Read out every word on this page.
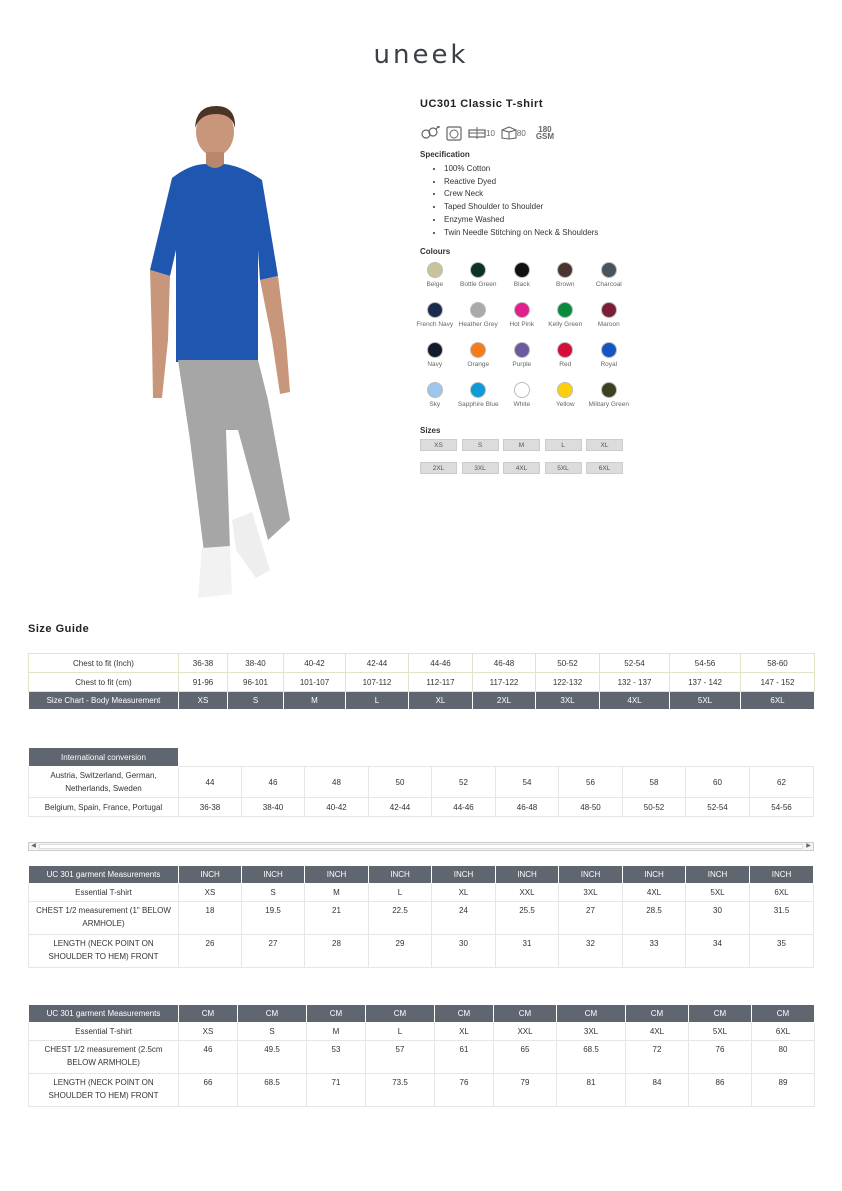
uneek
UC301 Classic T-shirt
10	80 180
GSM
Specification
• 100% Cotton
• Reactive Dyed
• Crew Neck
• Taped Shoulder to Shoulder
• Enzyme Washed
• Twin Needle Stitching on Neck & Shoulders
Colours
Beige	Bottle Green	Black	Brown	Charcoal
French Navy Heather Grey	Hot Pink	Kelly Green	Maroon
Navy	Orange	Purple	Red	Royal
Sky	Sapphire Blue	White	Yellow	Military Green
Sizes
XS	S	M	L	XL
2XL	3XL	4XL	5XL	6XL
Size Guide
Chest to fit (Inch)	36-38	38-40	40-42	42-44	44-46	46-48	50-52	52-54	54-56	58-60
Chest to fit (cm)	91-96	96-101	101-107	107-112	112-117	117-122	122-132	132 - 137	137 - 142	147 - 152
Size Chart - Body Measurement	XS	S	M	L	XL	2XL	3XL	4XL	5XL	6XL
International conversion										
Austria, Switzerland, German, Netherlands, Sweden	44	46	48	50	52	54	56	58	60	62
Belgium, Spain, France, Portugal	36-38	38-40	40-42	42-44	44-46	46-48	48-50	50-52	52-54	54-56
◀	▶
UC 301 garment Measurements	INCH	INCH	INCH	INCH	INCH	INCH	INCH	INCH	INCH	INCH
Essential T-shirt	XS	S	M	L	XL	XXL	3XL	4XL	5XL	6XL
CHEST 1/2 measurement (1" BELOW ARMHOLE)	18	19.5	21	22.5	24	25.5	27	28.5	30	31.5
LENGTH (NECK POINT ON SHOULDER TO HEM) FRONT	26	27	28	29	30	31	32	33	34	35
UC 301 garment Measurements	CM	CM	CM	CM	CM	CM	CM	CM	CM	CM
Essential T-shirt	XS	S	M	L	XL	XXL	3XL	4XL	5XL	6XL
CHEST 1/2 measurement (2.5cm BELOW ARMHOLE)	46	49.5	53	57	61	65	68.5	72	76	80
LENGTH (NECK POINT ON SHOULDER TO HEM) FRONT	66	68.5	71	73.5	76	79	81	84	86	89
